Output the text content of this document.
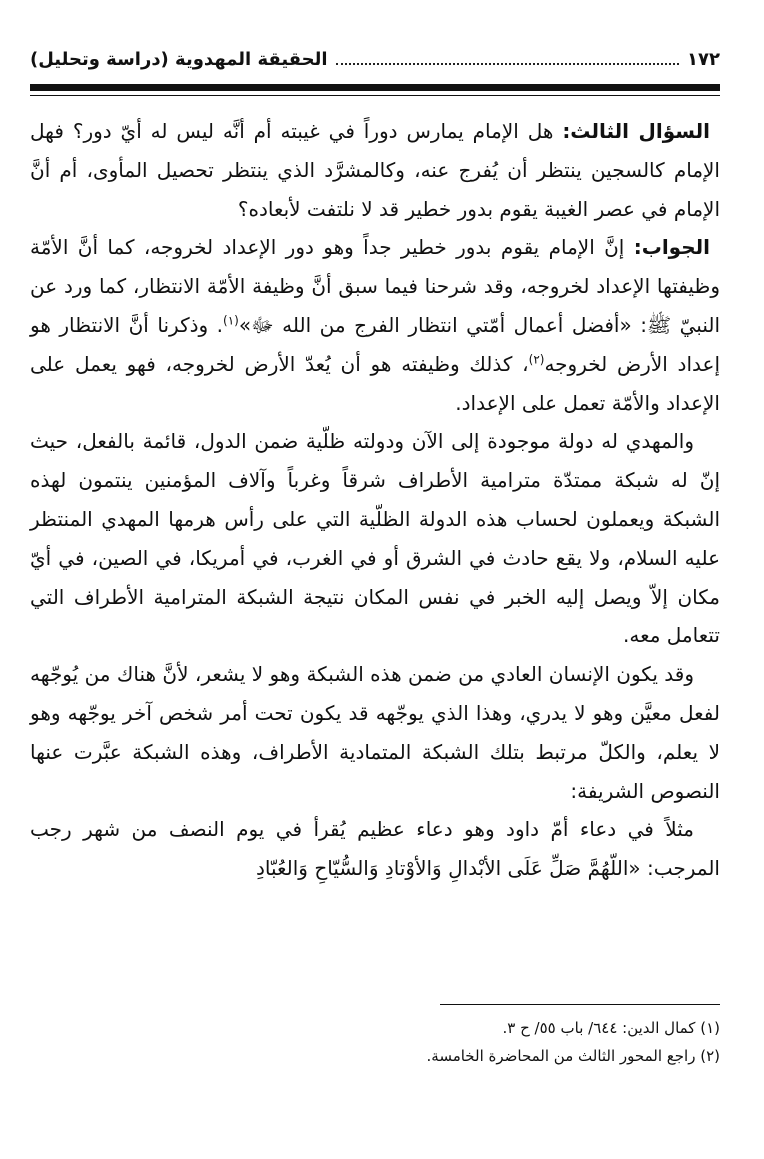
١٧٢
الحقيقة المهدوية (دراسة وتحليل)

السؤال الثالث: هل الإمام يمارس دوراً في غيبته أم أنَّه ليس له أيّ دور؟ فهل الإمام كالسجين ينتظر أن يُفرج عنه، وكالمشرَّد الذي ينتظر تحصيل المأوى، أم أنَّ الإمام في عصر الغيبة يقوم بدور خطير قد لا نلتفت لأبعاده؟

الجواب: إنَّ الإمام يقوم بدور خطير جداً وهو دور الإعداد لخروجه، كما أنَّ الأمّة وظيفتها الإعداد لخروجه، وقد شرحنا فيما سبق أنَّ وظيفة الأمّة الانتظار، كما ورد عن النبيّ ﷺ: «أفضل أعمال أمّتي انتظار الفرج من الله ﷻ»$^{(١)}$. وذكرنا أنَّ الانتظار هو إعداد الأرض لخروجه$^{(٢)}$، كذلك وظيفته هو أن يُعدّ الأرض لخروجه، فهو يعمل على الإعداد والأمّة تعمل على الإعداد.

والمهدي له دولة موجودة إلى الآن ودولته ظلّية ضمن الدول، قائمة بالفعل، حيث إنّ له شبكة ممتدّة مترامية الأطراف شرقاً وغرباً وآلاف المؤمنين ينتمون لهذه الشبكة ويعملون لحساب هذه الدولة الظلّية التي على رأس هرمها المهدي المنتظر عليه السلام، ولا يقع حادث في الشرق أو في الغرب، في أمريكا، في الصين، في أيّ مكان إلاّ ويصل إليه الخبر في نفس المكان نتيجة الشبكة المترامية الأطراف التي تتعامل معه.

وقد يكون الإنسان العادي من ضمن هذه الشبكة وهو لا يشعر، لأنَّ هناك من يُوجّهه لفعل معيَّن وهو لا يدري، وهذا الذي يوجّهه قد يكون تحت أمر شخص آخر يوجّهه وهو لا يعلم، والكلّ مرتبط بتلك الشبكة المتمادية الأطراف، وهذه الشبكة عبَّرت عنها النصوص الشريفة:

مثلاً في دعاء أمّ داود وهو دعاء عظيم يُقرأ في يوم النصف من شهر رجب المرجب: «اللّهُمَّ صَلِّ عَلَى الأبْدالِ وَالأوْتادِ وَالسُّيّاحِ وَالعُبّادِ

(١) كمال الدين: ٦٤٤/ باب ٥٥/ ح ٣.
(٢) راجع المحور الثالث من المحاضرة الخامسة.
